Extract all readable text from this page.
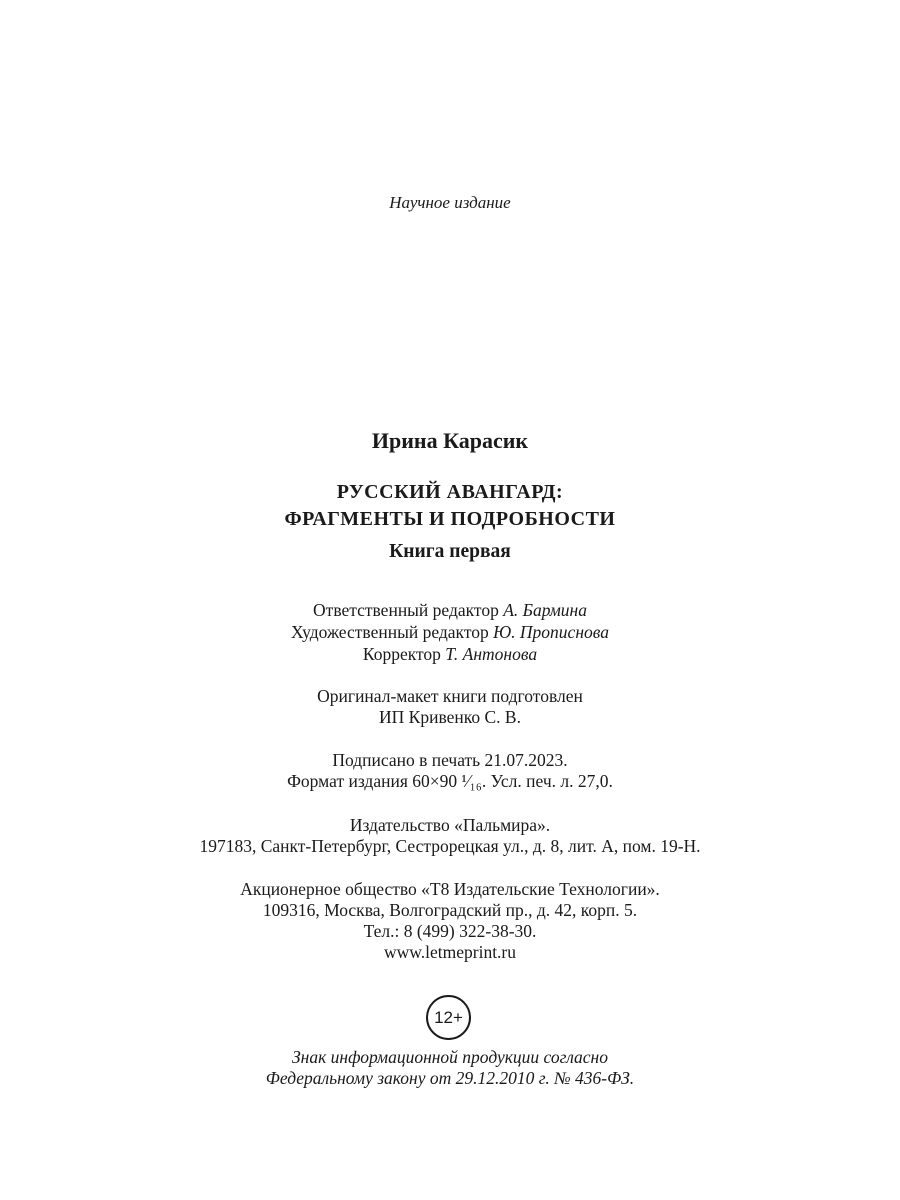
Научное издание
Ирина Карасик
РУССКИЙ АВАНГАРД:
ФРАГМЕНТЫ И ПОДРОБНОСТИ
Книга первая
Ответственный редактор А. Бармина
Художественный редактор Ю. Прописнова
Корректор Т. Антонова
Оригинал-макет книги подготовлен
ИП Кривенко С. В.
Подписано в печать 21.07.2023.
Формат издания 60×90 ¹⁄₁₆. Усл. печ. л. 27,0.
Издательство «Пальмира».
197183, Санкт-Петербург, Сестрорецкая ул., д. 8, лит. А, пом. 19-Н.
Акционерное общество «Т8 Издательские Технологии».
109316, Москва, Волгоградский пр., д. 42, корп. 5.
Тел.: 8 (499) 322-38-30.
www.letmeprint.ru
12+
Знак информационной продукции согласно
Федеральному закону от 29.12.2010 г. № 436-ФЗ.
